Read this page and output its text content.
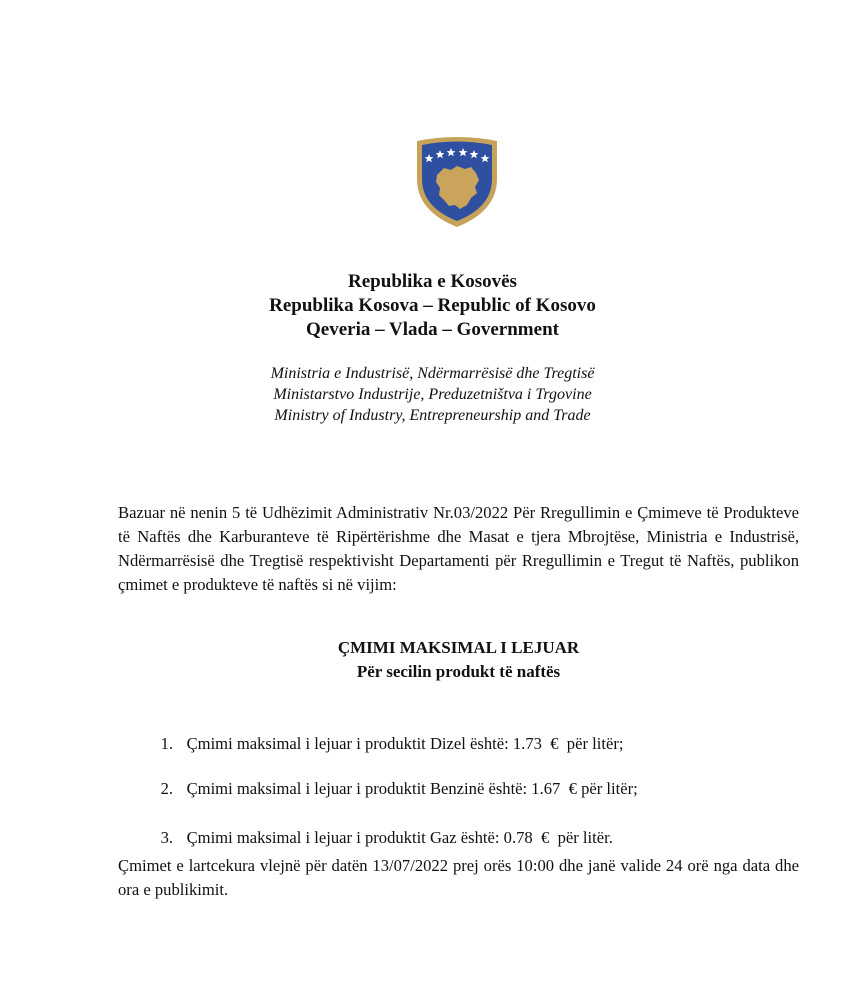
Republika e Kosovës
Republika Kosova – Republic of Kosovo
Qeveria – Vlada – Government
Ministria e Industrisë, Ndërmarrësisë dhe Tregtisë
Ministarstvo Industrije, Preduzetništva i Trgovine
Ministry of Industry, Entrepreneurship and Trade
Bazuar në nenin 5 të Udhëzimit Administrativ Nr.03/2022 Për Rregullimin e Çmimeve të Produkteve të Naftës dhe Karburanteve të Ripërtërishme dhe Masat e tjera Mbrojtëse, Ministria e Industrisë, Ndërmarrësisë dhe Tregtisë respektivisht Departamenti për Rregullimin e Tregut të Naftës, publikon çmimet e produkteve të naftës si në vijim:
ÇMIMI MAKSIMAL I LEJUAR
Për secilin produkt të naftës

1. Çmimi maksimal i lejuar i produktit Dizel është: 1.73  €  për litër;

2. Çmimi maksimal i lejuar i produktit Benzinë është: 1.67  € për litër;

3. Çmimi maksimal i lejuar i produktit Gaz është: 0.78  €  për litër.

Çmimet e lartcekura vlejnë për datën 13/07/2022 prej orës 10:00 dhe janë valide 24 orë nga data dhe ora e publikimit.
